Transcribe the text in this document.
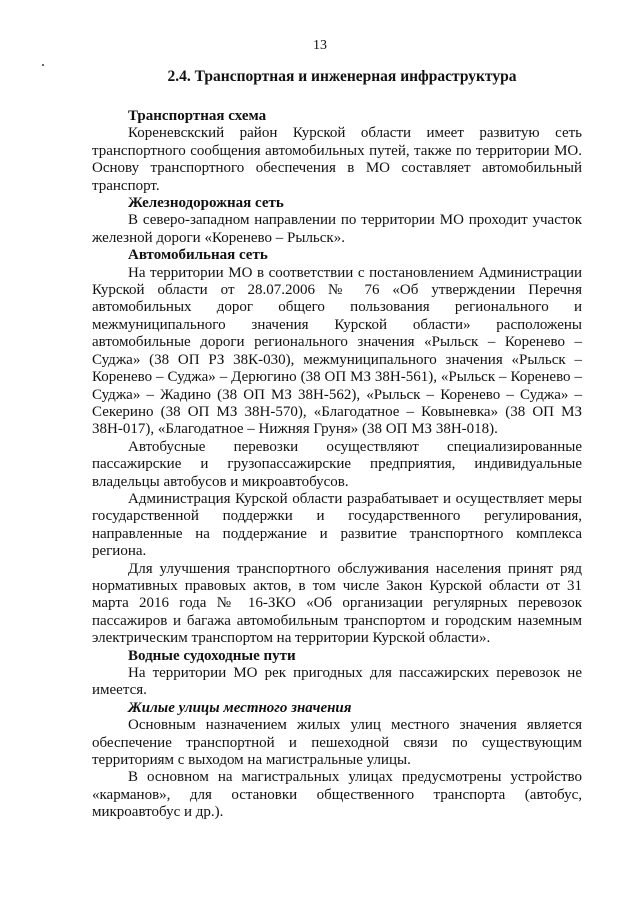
13
2.4. Транспортная и инженерная инфраструктура

Транспортная схема

Кореневскский район Курской области имеет развитую сеть транспортного сообщения автомобильных путей, также по территории МО. Основу транспортного обеспечения в МО составляет автомобильный транспорт.

Железнодорожная сеть

В северо-западном направлении по территории МО проходит участок железной дороги «Коренево – Рыльск».

Автомобильная сеть

На территории МО в соответствии с постановлением Администрации Курской области от 28.07.2006 № 76 «Об утверждении Перечня автомобильных дорог общего пользования регионального и межмуниципального значения Курской области» расположены автомобильные дороги регионального значения «Рыльск – Коренево – Суджа» (38 ОП РЗ 38К-030), межмуниципального значения «Рыльск – Коренево – Суджа» – Дерюгино (38 ОП МЗ 38Н-561), «Рыльск – Коренево – Суджа» – Жадино (38 ОП МЗ 38Н-562), «Рыльск – Коренево – Суджа» – Секерино (38 ОП МЗ 38Н-570), «Благодатное – Ковыневка» (38 ОП МЗ 38Н-017), «Благодатное – Нижняя Груня» (38 ОП МЗ 38Н-018).

Автобусные перевозки осуществляют специализированные пассажирские и грузопассажирские предприятия, индивидуальные владельцы автобусов и микроавтобусов.

Администрация Курской области разрабатывает и осуществляет меры государственной поддержки и государственного регулирования, направленные на поддержание и развитие транспортного комплекса региона.

Для улучшения транспортного обслуживания населения принят ряд нормативных правовых актов, в том числе Закон Курской области от 31 марта 2016 года № 16-ЗКО «Об организации регулярных перевозок пассажиров и багажа автомобильным транспортом и городским наземным электрическим транспортом на территории Курской области».

Водные судоходные пути

На территории МО рек пригодных для пассажирских перевозок не имеется.

Жилые улицы местного значения

Основным назначением жилых улиц местного значения является обеспечение транспортной и пешеходной связи по существующим территориям с выходом на магистральные улицы.

В основном на магистральных улицах предусмотрены устройство «карманов», для остановки общественного транспорта (автобус, микроавтобус и др.).
